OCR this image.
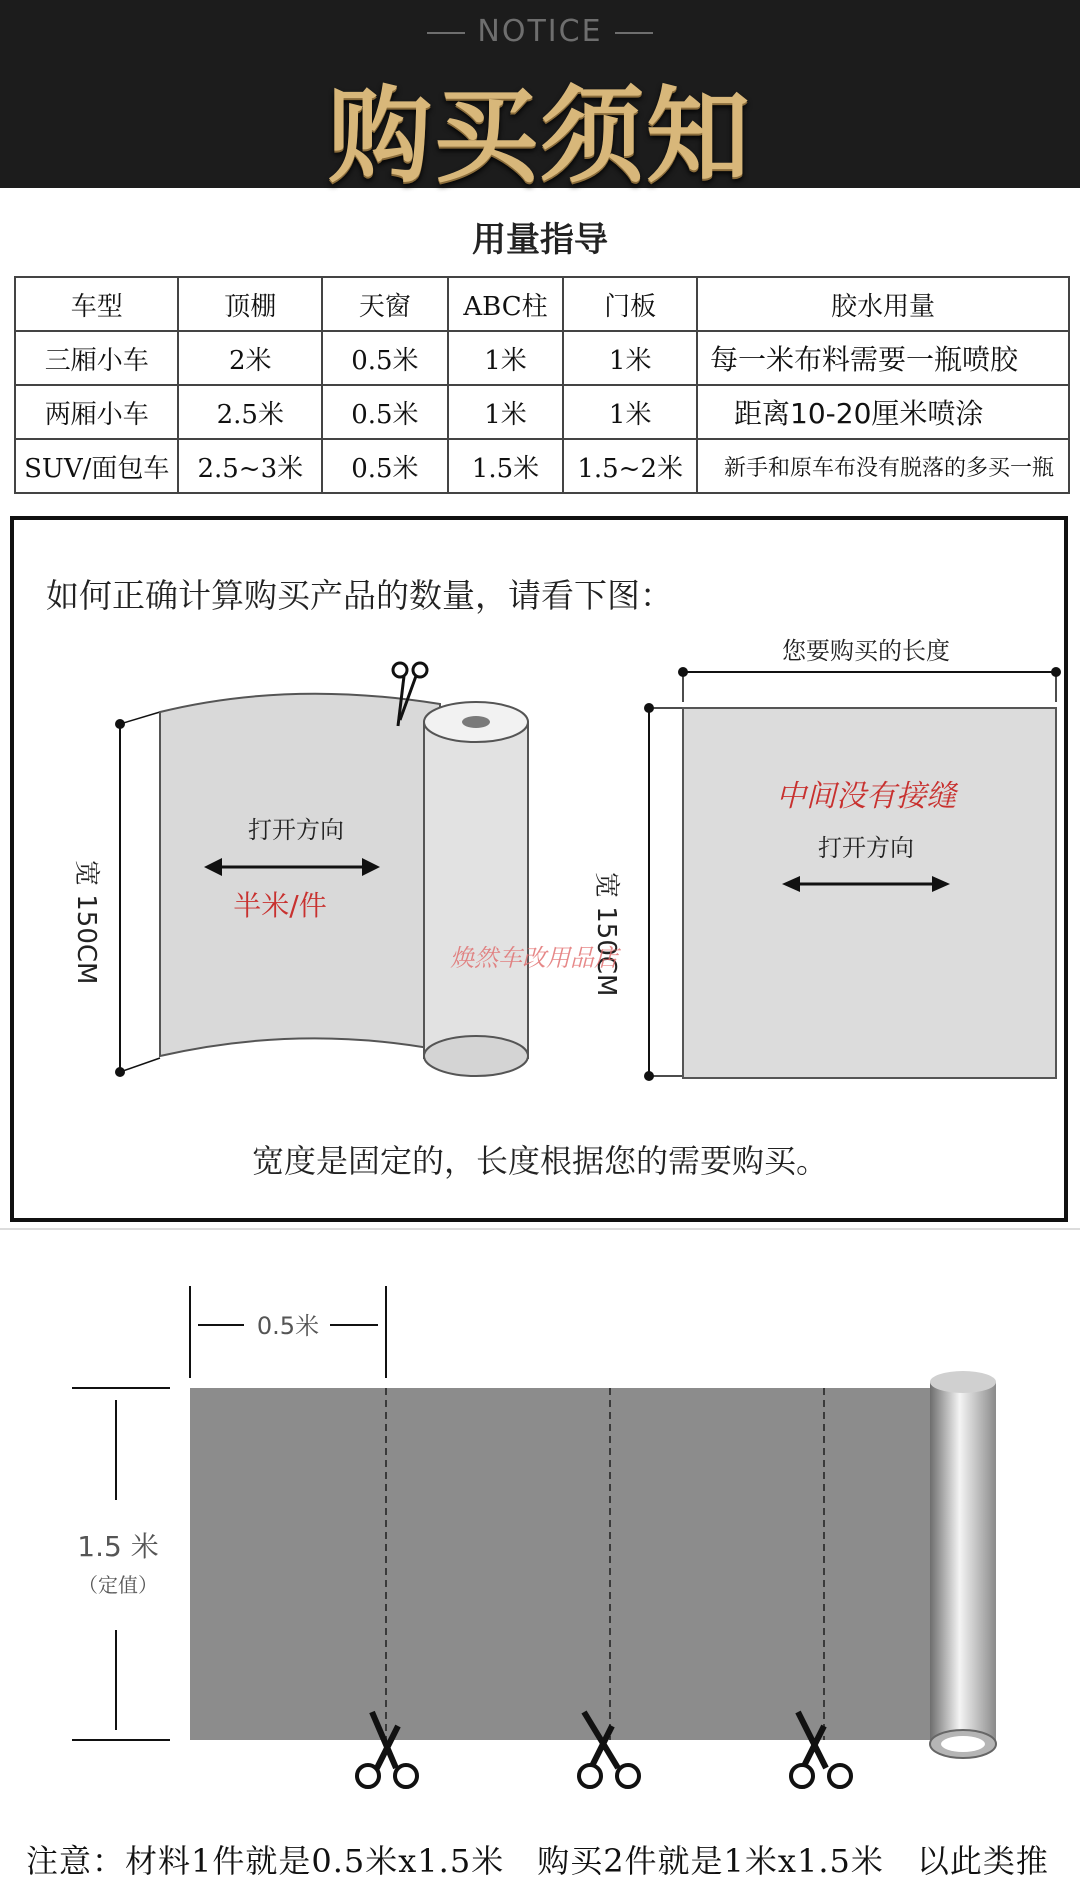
NOTICE
购买须知
用量指导
车型	顶棚	天窗	ABC柱	门板	胶水用量
三厢小车	2米	0.5米	1米	1米	每一米布料需要一瓶喷胶
两厢小车	2.5米	0.5米	1米	1米	距离10-20厘米喷涂
SUV/面包车	2.5~3米	0.5米	1.5米	1.5~2米	新手和原车布没有脱落的多买一瓶
如何正确计算购买产品的数量，请看下图：
打开方向
半米/件
您要购买的长度
中间没有接缝
打开方向
宽 150CM	宽 150CM
0.5米
1.5 米
（定值）
焕然车改用品店
宽度是固定的，长度根据您的需要购买。
注意：材料1件就是0.5米x1.5米　购买2件就是1米x1.5米　以此类推
